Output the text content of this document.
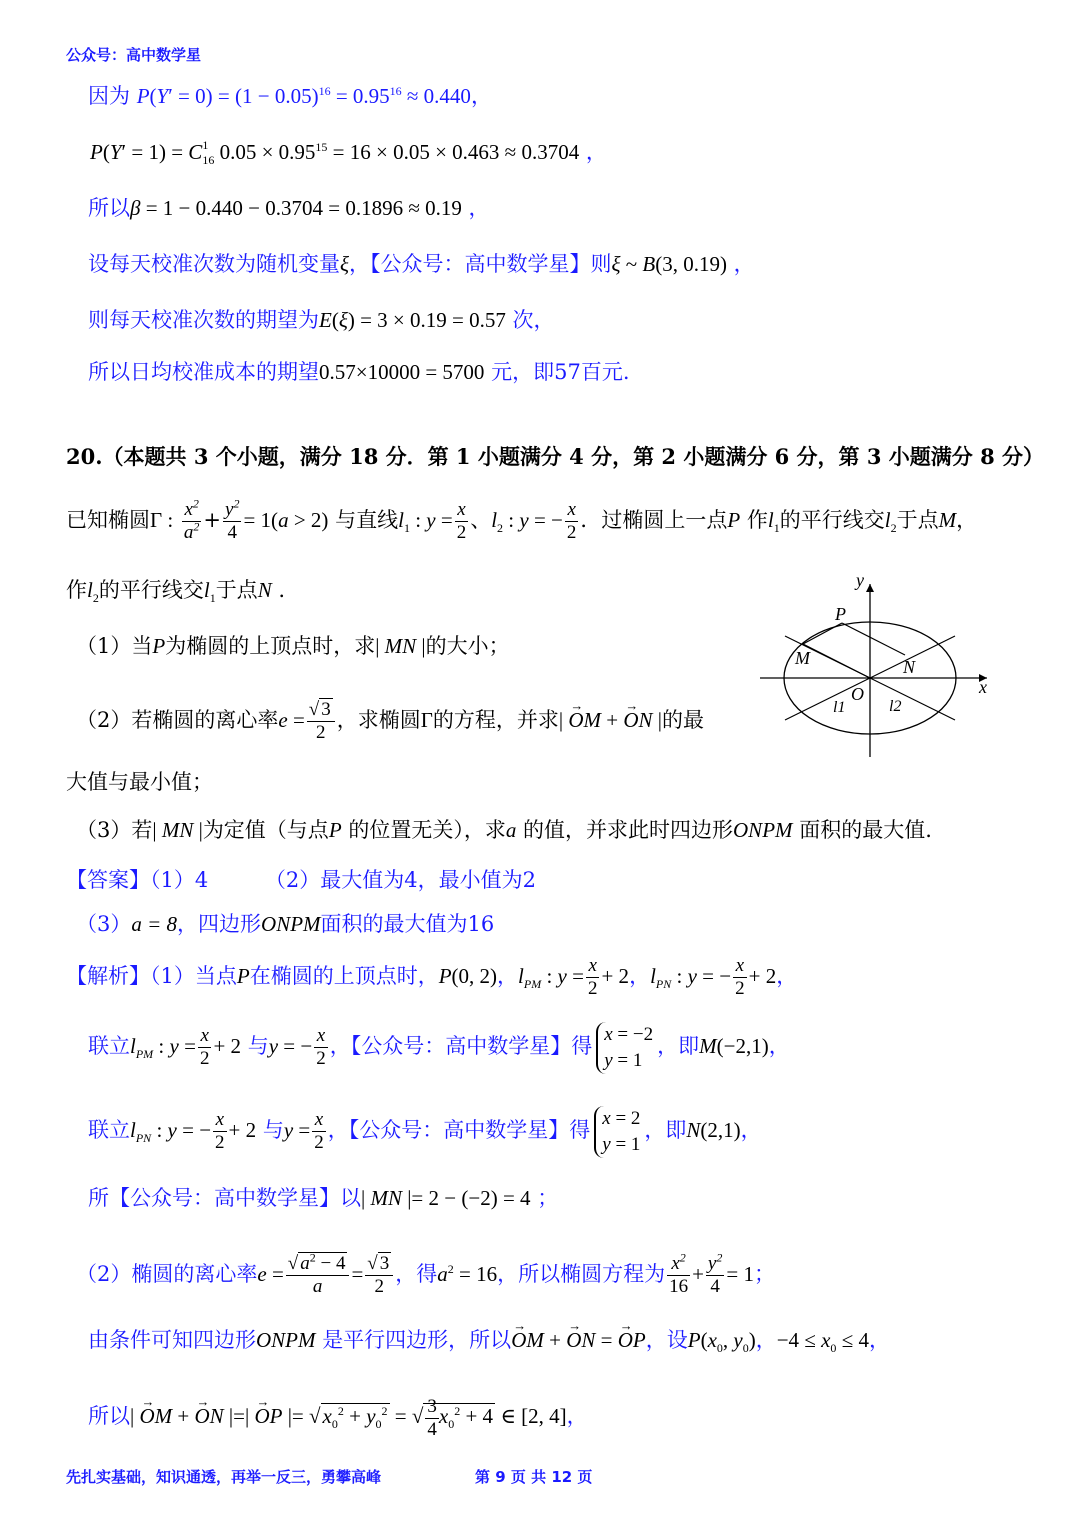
公众号：高中数学星
因为 $P(Y' = 0) = (1 - 0.05)^{16} = 0.95^{16} \approx 0.440$，
$P(Y' = 1) = C^1_{16}$ $0.05 \times 0.95^{15} = 16 \times 0.05 \times 0.463 \approx 0.3704$ ，
所以β = 1 − 0.440 − 0.3704 = 0.1896 ≈ 0.19 ，
设每天校准次数为随机变量ξ，【公众号：高中数学星】则ξ ~ B(3, 0.19) ，
则每天校准次数的期望为E(ξ) = 3 × 0.19 = 0.57 次，
所以日均校准成本的期望0.57×10000 = 5700 元，即57百元.
20.（本题共 3 个小题，满分 18 分．第 1 小题满分 4 分，第 2 小题满分 6 分，第 3 小题满分 8 分）
已知椭圆Γ : $\frac{x^2}{a^2} + \frac{y^2}{4} = 1(a > 2)$ 与直线$l_1$ : $y = \frac{x}{2}$ 、$l_2$ : y = − $\frac{x}{2}$ ．过椭圆上一点P 作$l_1$的平行线交$l_2$于点M，
作$l_2$的平行线交$l_1$于点N .
（1）当P为椭圆的上顶点时，求| MN |的大小；
（2）若椭圆的离心率$e = \frac{√ 3}{2}$ ，求椭圆Γ的方程，并求| → OM + → ON |的最
大值与最小值；
（3）若| MN |为定值（与点P 的位置无关），求a 的值，并求此时四边形ONPM 面积的最大值.
y
x
O
P
M	N
l1	l2
【答案】（1）4	（2）最大值为4，最小值为2
（3）a = 8，四边形ONPM面积的最大值为16
【解析】（1）当点P在椭圆的上顶点时，P(0, 2)，$l_{PM}$ : $y = \frac{x}{2} + 2$，$l_{PN}$ : y = − $\frac{x}{2} + 2$，
联立$l_{PM}$ : $y = \frac{x}{2} + 2$ 与y = − $\frac{x}{2}$ ，【公众号：高中数学星】得 x = −2
y = 1
，即M(−2,1)，
联立$l_{PN}$ : y = − $\frac{x}{2} + 2$ 与$y = \frac{x}{2}$ ，【公众号：高中数学星】得 x = 2
y = 1
，即N(2,1)，
所【公众号：高中数学星】以| MN |= 2 − (−2) = 4 ；
（2）椭圆的离心率$e = \frac{√ a^2 - 4}{a} = \frac{√ 3}{2}$ ，得$a^2 = 16$，所以椭圆方程为 $\frac{x^2}{16} + \frac{y^2}{4} = 1$；
由条件可知四边形ONPM 是平行四边形，所以→ OM + → ON = → OP，设$P(x_0$, $y_0$)，$-4 \le x_0 \le 4$，
所以| → OM + → ON |=| → OP |= $√x_0^2 + y_0^2$ = √ $\frac{3}{4} x_0^2 + 4$ ∈ [2, 4]，
先扎实基础，知识通透，再举一反三，勇攀高峰	第 9 页 共 12 页
